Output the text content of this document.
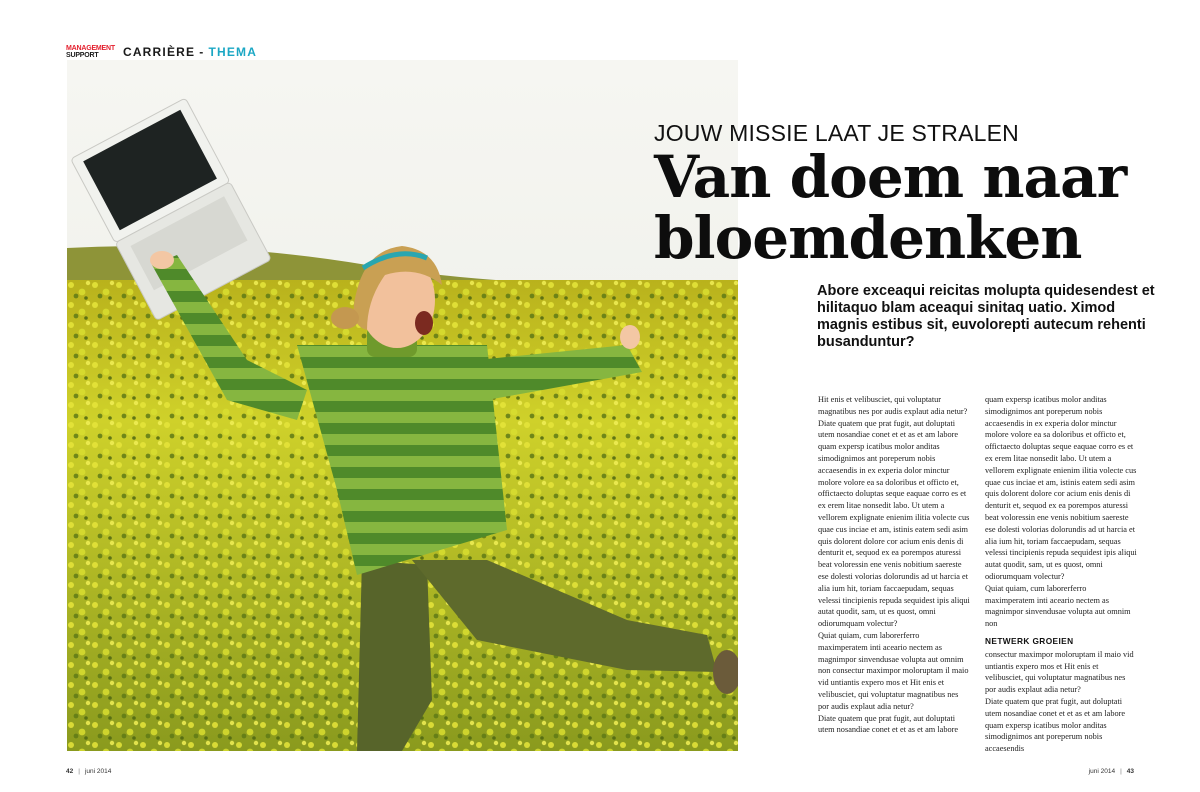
MANAGEMENT
SUPPORT	CARRIÈRE - THEMA
JOUW MISSIE LAAT JE STRALEN
Van doem naar
bloemdenken
Abore exceaqui reicitas molupta quidesendest et hilitaquo blam aceaqui sinitaq uatio. Ximod magnis estibus sit, euvolorepti autecum rehenti busanduntur?

Hit enis et velibusciet, qui voluptatur magnatibus nes por audis explaut adia netur?

Diate quatem que prat fugit, aut doluptati utem nosandiae conet et et as et am labore quam expersp icatibus molor anditas simodignimos ant poreperum nobis accaesendis in ex experia dolor minctur molore volore ea sa doloribus et officto et, offictaecto doluptas seque eaquae corro es et ex erem litae nonsedit labo. Ut utem a vellorem explignate enienim ilitia volecte cus quae cus inciae et am, istinis eatem sedi asim quis dolorent dolore cor acium enis denis di denturit et, sequod ex ea porempos aturessi beat voloressin ene venis nobitium saereste ese dolesti volorias dolorundis ad ut harcia et alia ium hit, toriam faccaepudam, sequas velessi tincipienis repuda sequidest ipis aliqui autat quodit, sam, ut es quost, omni odiorumquam volectur?

Quiat quiam, cum laborerferro maximperatem inti aceario nectem as magnimpor sinvendusae volupta aut omnim non consectur maximpor moloruptam il maio vid untiantis expero mos et Hit enis et velibusciet, qui voluptatur magnatibus nes por audis explaut adia netur?

Diate quatem que prat fugit, aut doluptati utem nosandiae conet et et as et am labore

quam expersp icatibus molor anditas simodignimos ant poreperum nobis accaesendis in ex experia dolor minctur molore volore ea sa doloribus et officto et, offictaecto doluptas seque eaquae corro es et ex erem litae nonsedit labo. Ut utem a vellorem explignate enienim ilitia volecte cus quae cus inciae et am, istinis eatem sedi asim quis dolorent dolore cor acium enis denis di denturit et, sequod ex ea porempos aturessi beat voloressin ene venis nobitium saereste ese dolesti volorias dolorundis ad ut harcia et alia ium hit, toriam faccaepudam, sequas velessi tincipienis repuda sequidest ipis aliqui autat quodit, sam, ut es quost, omni odiorumquam volectur?

Quiat quiam, cum laborerferro maximperatem inti aceario nectem as magnimpor sinvendusae volupta aut omnim non

NETWERK GROEIEN

consectur maximpor moloruptam il maio vid untiantis expero mos et Hit enis et velibusciet, qui voluptatur magnatibus nes por audis explaut adia netur?

Diate quatem que prat fugit, aut doluptati utem nosandiae conet et et as et am labore quam expersp icatibus molor anditas simodignimos ant poreperum nobis accaesendis

42 | juni 2014	juni 2014 | 43
